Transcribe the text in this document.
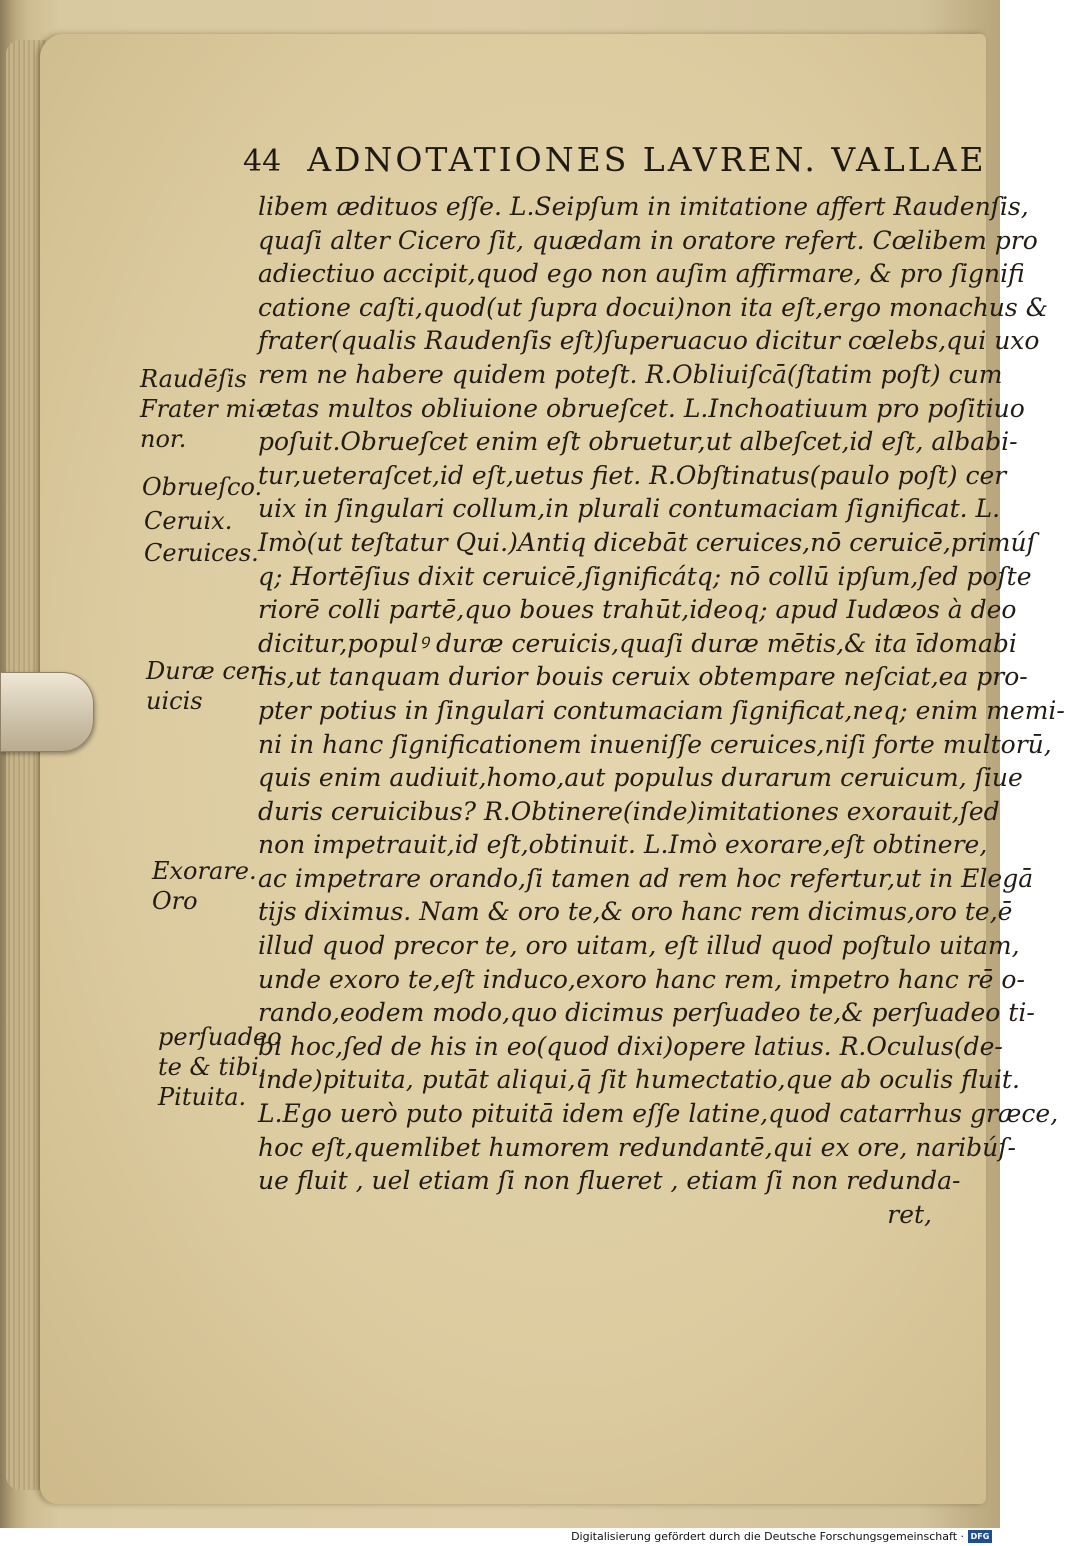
44 ADNOTATIONES LAVREN. VALLAE
libem ædituos eſſe. L.Seipſum in imitatione affert Raudenſis,
quaſi alter Cicero ſit, quædam in oratore refert. Cœlibem pro
adiectiuo accipit,quod ego non auſim affirmare, & pro ſignifi
catione caſti,quod(ut ſupra docui)non ita eſt,ergo monachus &
frater(qualis Raudenſis eſt)ſuperuacuo dicitur cœlebs,qui uxo
rem ne habere quidem poteſt. R.Obliuiſcā(ſtatim poſt) cum
ætas multos obliuione obrueſcet. L.Inchoatiuum pro poſitiuo
poſuit.Obrueſcet enim eſt obruetur,ut albeſcet,id eſt, albabi-
tur,ueteraſcet,id eſt,uetus fiet. R.Obſtinatus(paulo poſt) cer
uix in ſingulari collum,in plurali contumaciam ſignificat. L.
Imò(ut teſtatur Qui.)Antiq dicebāt ceruices,nō ceruicē,primúſ
q; Hortēſius dixit ceruicē,ſignificátq; nō collū ipſum,ſed poſte
riorē colli partē,quo boues trahūt,ideoq; apud Iudæos à deo
dicitur,populꝰ duræ ceruicis,quaſi duræ mētis,& ita īdomabi
lis,ut tanquam durior bouis ceruix obtemparе neſciat,ea pro-
pter potius in ſingulari contumaciam ſignificat,neq; enim memi-
ni in hanc ſignificationem inueniſſe ceruices,niſi forte multorū,
quis enim audiuit,homo,aut populus durarum ceruicum, ſiue
duris ceruicibus? R.Obtinere(inde)imitationes exorauit,ſed
non impetrauit,id eſt,obtinuit. L.Imò exorare,eſt obtinere,
ac impetrare orando,ſi tamen ad rem hoc refertur,ut in Elegā
tijs diximus. Nam & oro te,& oro hanc rem dicimus,oro te,ē
illud quod precor te, oro uitam, eſt illud quod poſtulo uitam,
unde exoro te,eſt induco,exoro hanc rem, impetro hanc rē o-
rando,eodem modo,quo dicimus perſuadeo te,& perſuadeo ti-
bi hoc,ſed de his in eo(quod dixi)opere latius. R.Oculus(de-
inde)pituita, putāt aliqui,q̄ ſit humectatio,que ab oculis fluit.
L.Ego uerò puto pituitā idem eſſe latine,quod catarrhus græce,
hoc eſt,quemlibet humorem redundantē,qui ex ore, naribúſ-
ue fluit , uel etiam ſi non flueret , etiam ſi non redunda-
ret,
Raudēſis
Frater mi-
nor.
Obrueſco.
Ceruix.
Ceruices.
Duræ cer-
uicis
Exorare.
Oro
perſuadeo
te & tibi.
Pituita.
Digitalisierung gefördert durch die Deutsche Forschungsgemeinschaft · DFG
